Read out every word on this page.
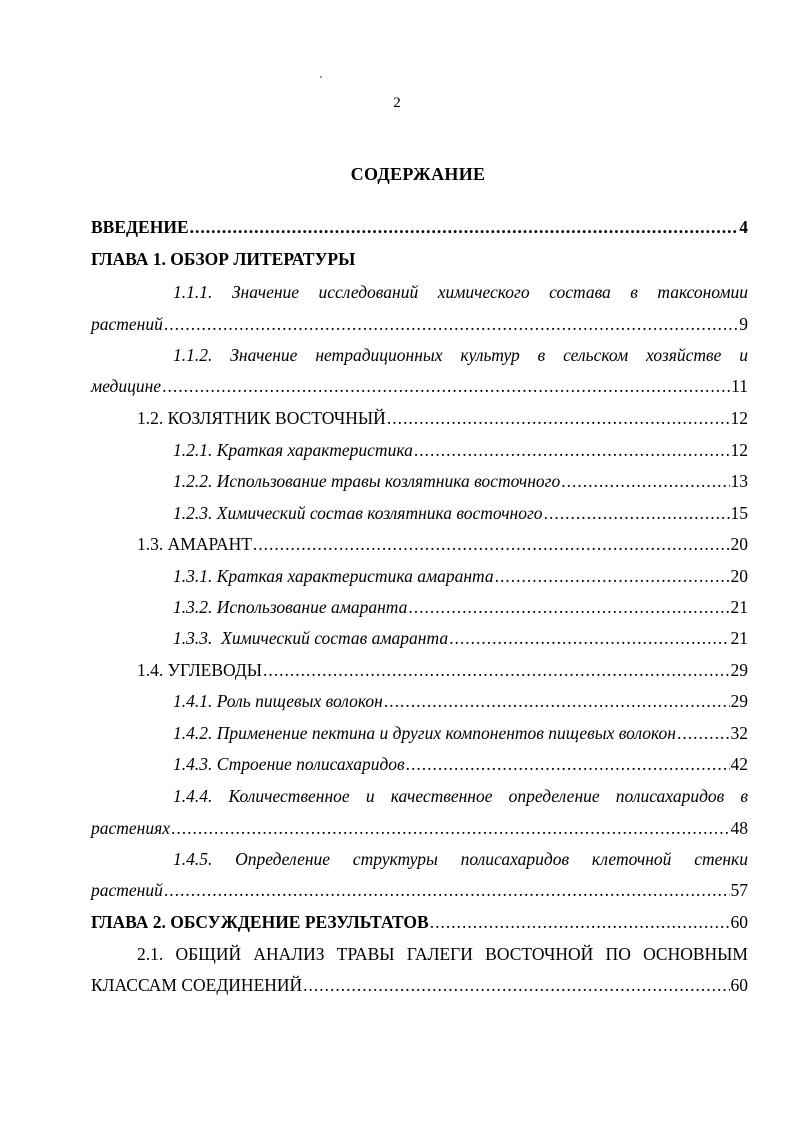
2
СОДЕРЖАНИЕ
ВВЕДЕНИЕ .....	4
ГЛАВА 1. ОБЗОР ЛИТЕРАТУРЫ
1.1.1. Значение исследований химического состава в таксономии
растений .....	9
1.1.2. Значение нетрадиционных культур в сельском хозяйстве и
медицине .....	11
1.2. КОЗЛЯТНИК ВОСТОЧНЫЙ .....	12
1.2.1. Краткая характеристика .....	12
1.2.2. Использование травы козлятника восточного .....	13
1.2.3. Химический состав козлятника восточного .....	15
1.3. АМАРАНТ .....	20
1.3.1. Краткая характеристика амаранта .....	20
1.3.2. Использование амаранта .....	21
1.3.3.  Химический состав амаранта .....	21
1.4. УГЛЕВОДЫ .....	29
1.4.1. Роль пищевых волокон .....	29
1.4.2. Применение пектина и других компонентов пищевых волокон .....	32
1.4.3. Строение полисахаридов .....	42
1.4.4. Количественное и качественное определение полисахаридов в
растениях .....	48
1.4.5. Определение структуры полисахаридов клеточной стенки
растений .....	57
ГЛАВА 2. ОБСУЖДЕНИЕ РЕЗУЛЬТАТОВ .....	60
2.1. ОБЩИЙ АНАЛИЗ ТРАВЫ ГАЛЕГИ ВОСТОЧНОЙ ПО ОСНОВНЫМ
КЛАССАМ СОЕДИНЕНИЙ .....	60
